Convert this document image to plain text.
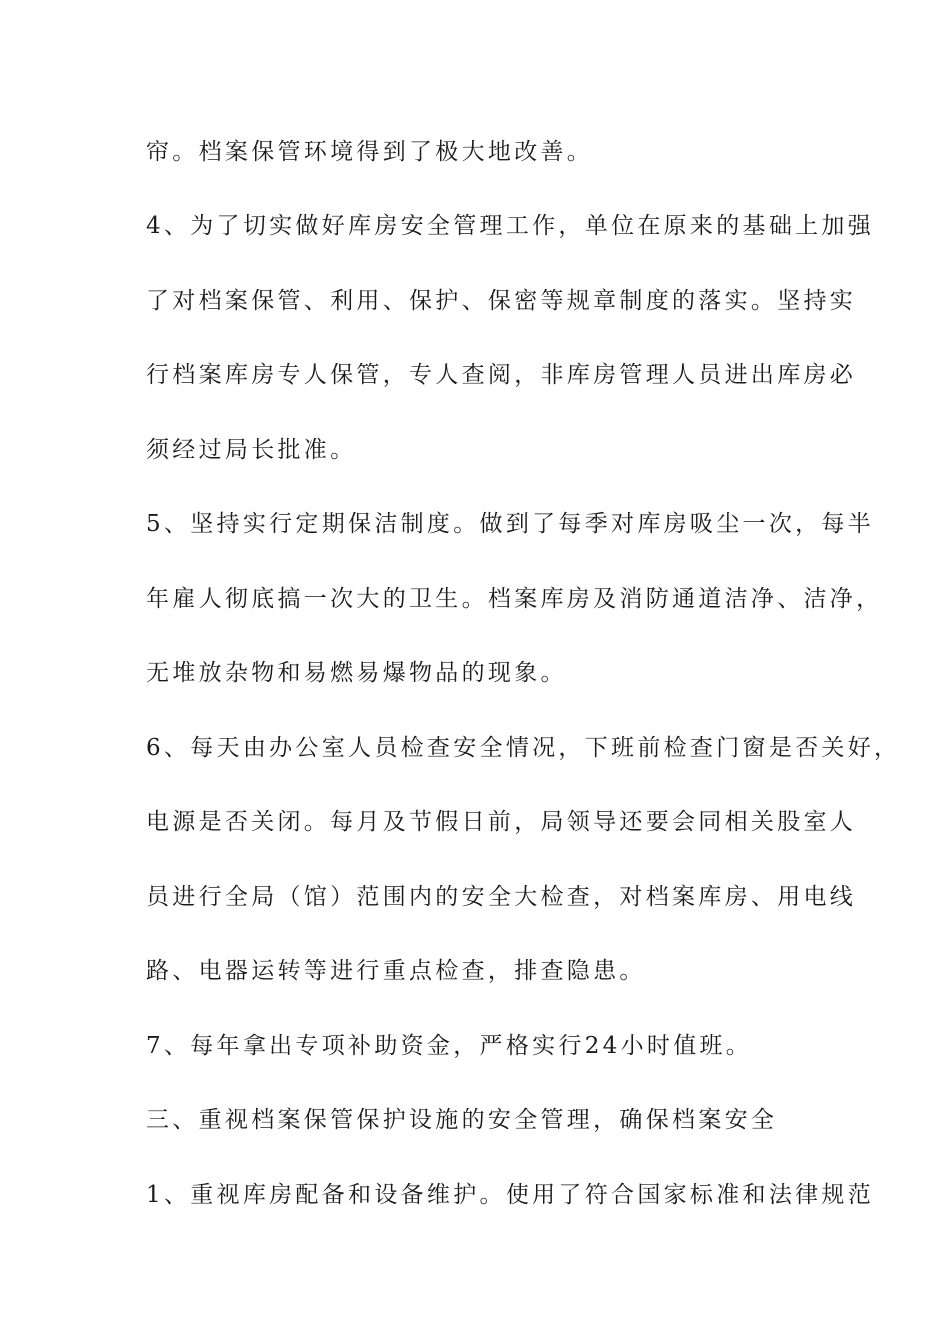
帘。档案保管环境得到了极大地改善。
4、为了切实做好库房安全管理工作，单位在原来的基础上加强
了对档案保管、利用、保护、保密等规章制度的落实。坚持实
行档案库房专人保管，专人查阅，非库房管理人员进出库房必
须经过局长批准。
5、坚持实行定期保洁制度。做到了每季对库房吸尘一次，每半
年雇人彻底搞一次大的卫生。档案库房及消防通道洁净、洁净，
无堆放杂物和易燃易爆物品的现象。
6、每天由办公室人员检查安全情况，下班前检查门窗是否关好，
电源是否关闭。每月及节假日前，局领导还要会同相关股室人
员进行全局（馆）范围内的安全大检查，对档案库房、用电线
路、电器运转等进行重点检查，排查隐患。
7、每年拿出专项补助资金，严格实行24小时值班。
三、重视档案保管保护设施的安全管理，确保档案安全
1、重视库房配备和设备维护。使用了符合国家标准和法律规范
